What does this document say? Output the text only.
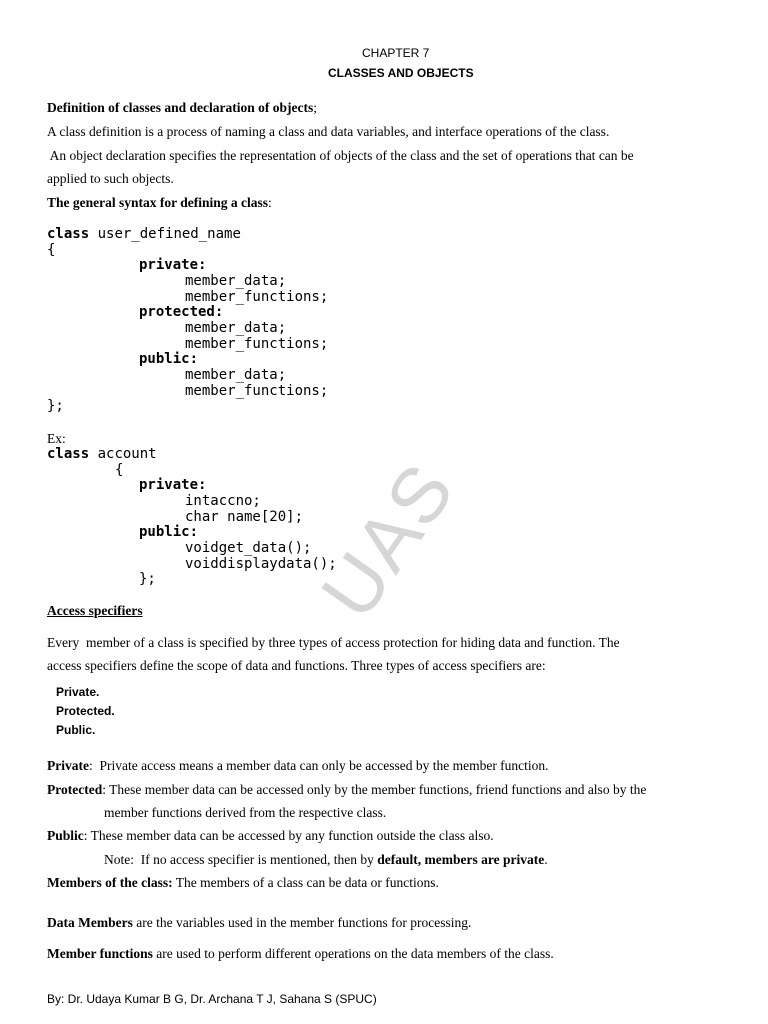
UAS
CHAPTER 7
CLASSES AND OBJECTS
Definition of classes and declaration of objects;
A class definition is a process of naming a class and data variables, and interface operations of the class.
An object declaration specifies the representation of objects of the class and the set of operations that can be
applied to such objects.
The general syntax for defining a class:
class user_defined_name
{
private:
member_data;
member_functions;
protected:
member_data;
member_functions;
public:
member_data;
member_functions;
};
Ex:
class account
{
private:
intaccno;
char name[20];
public:
voidget_data();
voiddisplaydata();
};
Access specifiers
Every  member of a class is specified by three types of access protection for hiding data and function. The
access specifiers define the scope of data and functions. Three types of access specifiers are:
Private.
Protected.
Public.
Private:  Private access means a member data can only be accessed by the member function.
Protected: These member data can be accessed only by the member functions, friend functions and also by the
member functions derived from the respective class.
Public: These member data can be accessed by any function outside the class also.
Note:  If no access specifier is mentioned, then by default, members are private.
Members of the class: The members of a class can be data or functions.
Data Members are the variables used in the member functions for processing.
Member functions are used to perform different operations on the data members of the class.
By: Dr. Udaya Kumar B G, Dr. Archana T J, Sahana S (SPUC)
